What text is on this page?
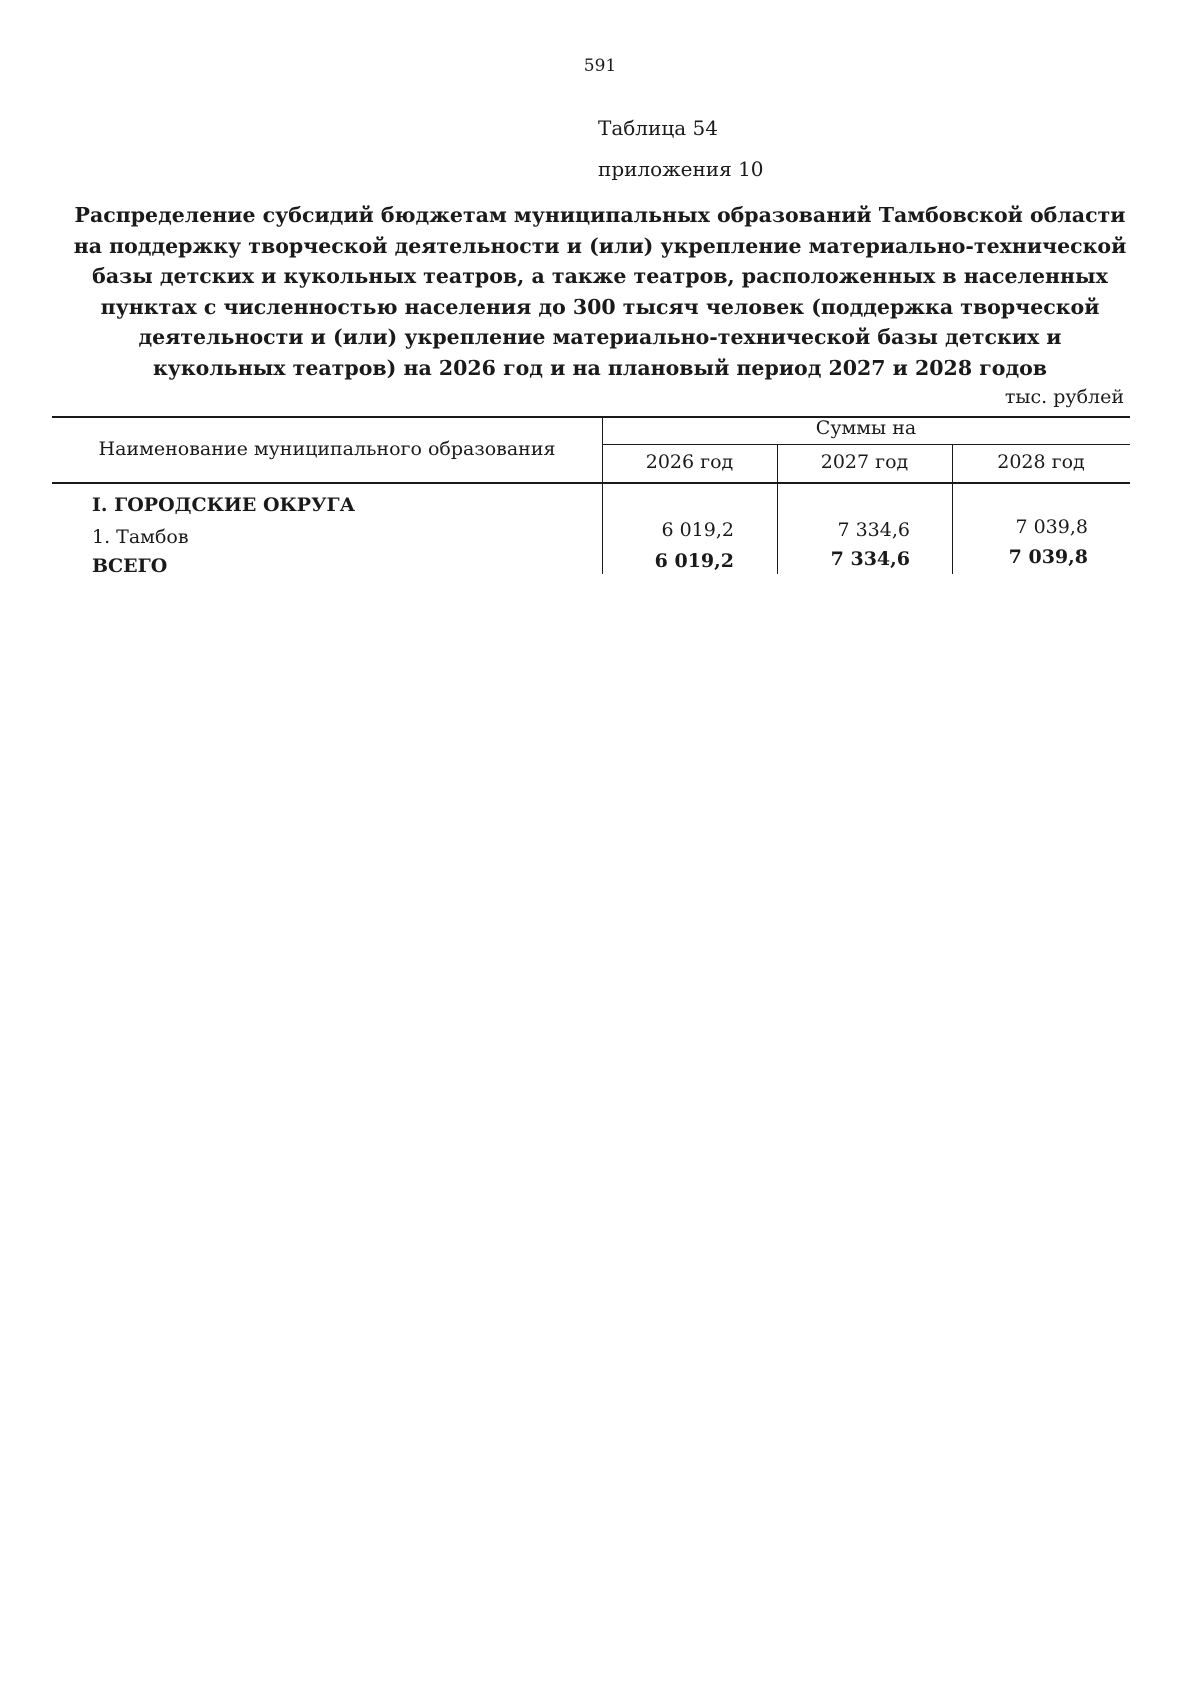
591
Таблица 54
приложения 10
Распределение субсидий бюджетам муниципальных образований Тамбовской области на поддержку творческой деятельности и (или) укрепление материально-технической базы детских и кукольных театров, а также театров, расположенных в населенных пунктах с численностью населения до 300 тысяч человек (поддержка творческой деятельности и (или) укрепление материально-технической базы детских и кукольных театров) на 2026 год и на плановый период 2027 и 2028 годов
тыс. рублей
Наименование муниципального образования
Суммы на
2026 год	2027 год	2028 год
I. ГОРОДСКИЕ ОКРУГА
1. Тамбов	6 019,2	7 334,6	7 039,8
ВСЕГО	6 019,2	7 334,6	7 039,8
